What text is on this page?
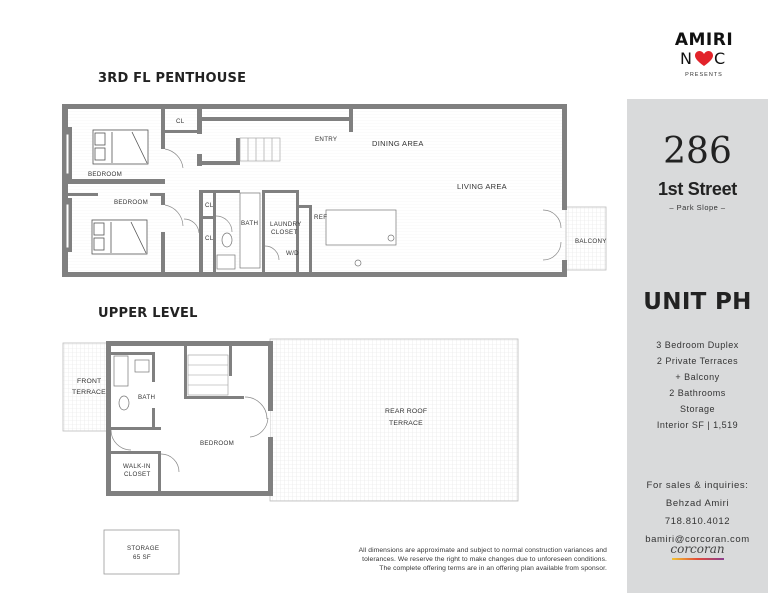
AMIRI
N C
PRESENTS
3RD FL PENTHOUSE
UPPER LEVEL
CL
BEDROOM
BEDROOM	CL
CL
ENTRY	DINING AREA
LIVING AREA
BATH LAUNDRY
CLOSET
W/D
REF
BALCONY
FRONT
TERRACE
BATH
BEDROOM
WALK-IN
CLOSET
REAR ROOF
TERRACE
STORAGE
65 SF
286
1st Street
– Park Slope –
UNIT PH
3 Bedroom Duplex
2 Private Terraces
+ Balcony
2 Bathrooms
Storage
Interior SF | 1,519
For sales & inquiries:
Behzad Amiri
718.810.4012
bamiri@corcoran.com
corcoran
All dimensions are approximate and subject to normal construction variances and
tolerances. We reserve the right to make changes due to unforeseen conditions.
The complete offering terms are in an offering plan available from sponsor.
